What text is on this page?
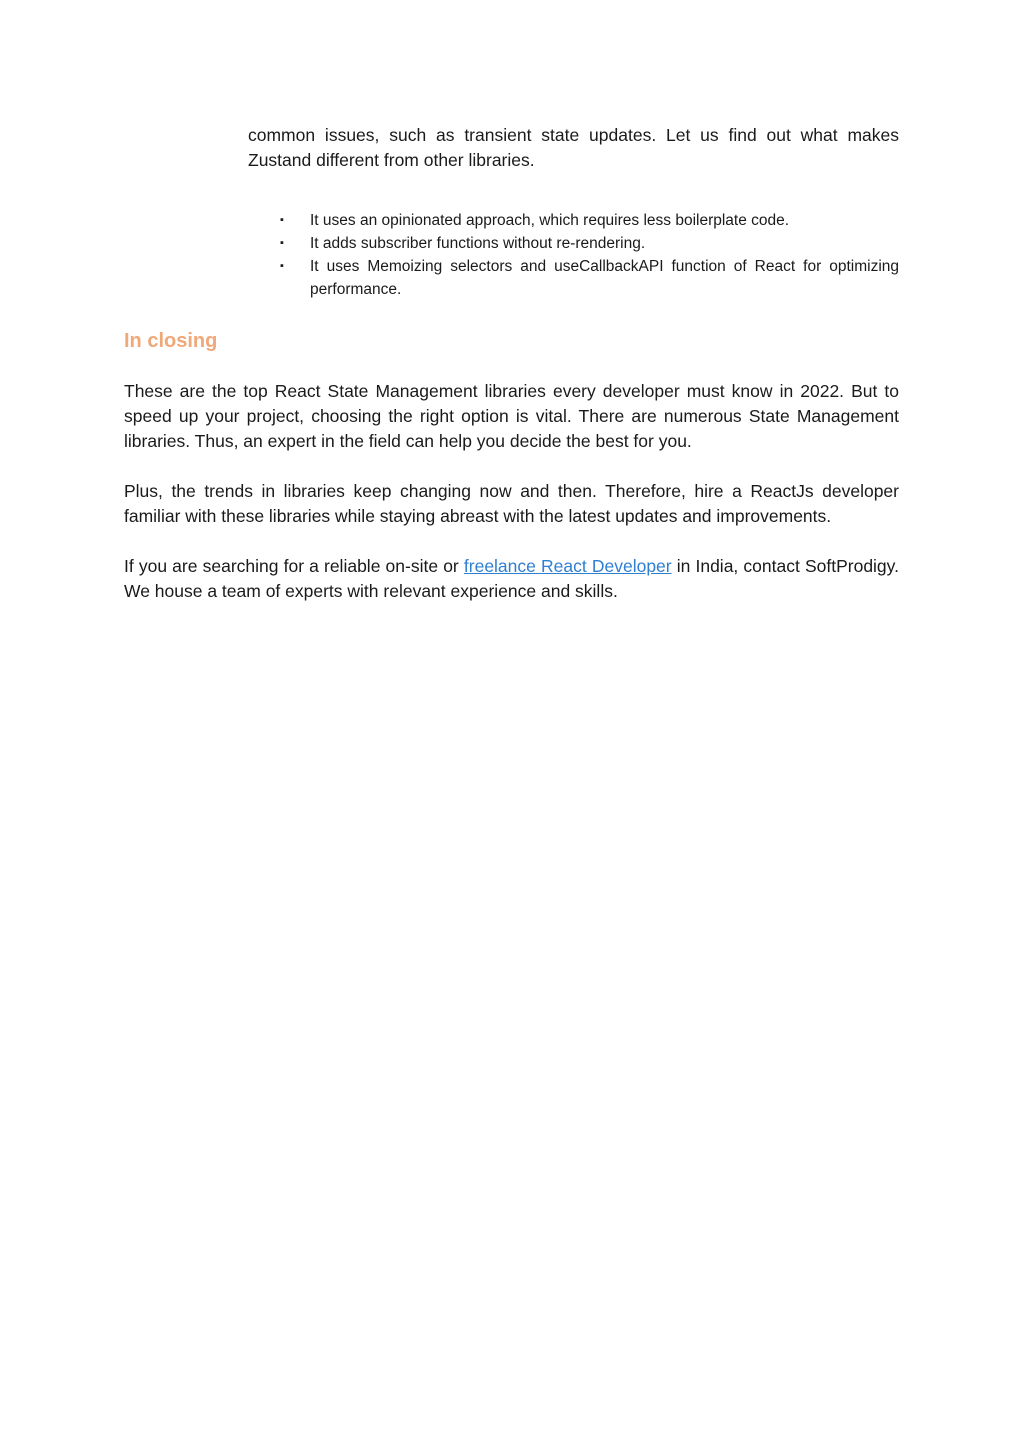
common issues, such as transient state updates. Let us find out what makes Zustand different from other libraries.

▪ It uses an opinionated approach, which requires less boilerplate code.
▪ It adds subscriber functions without re-rendering.
▪ It uses Memoizing selectors and useCallbackAPI function of React for optimizing performance.
In closing

These are the top React State Management libraries every developer must know in 2022. But to speed up your project, choosing the right option is vital. There are numerous State Management libraries. Thus, an expert in the field can help you decide the best for you.

Plus, the trends in libraries keep changing now and then. Therefore, hire a ReactJs developer familiar with these libraries while staying abreast with the latest updates and improvements.

If you are searching for a reliable on-site or freelance React Developer in India, contact SoftProdigy. We house a team of experts with relevant experience and skills.
